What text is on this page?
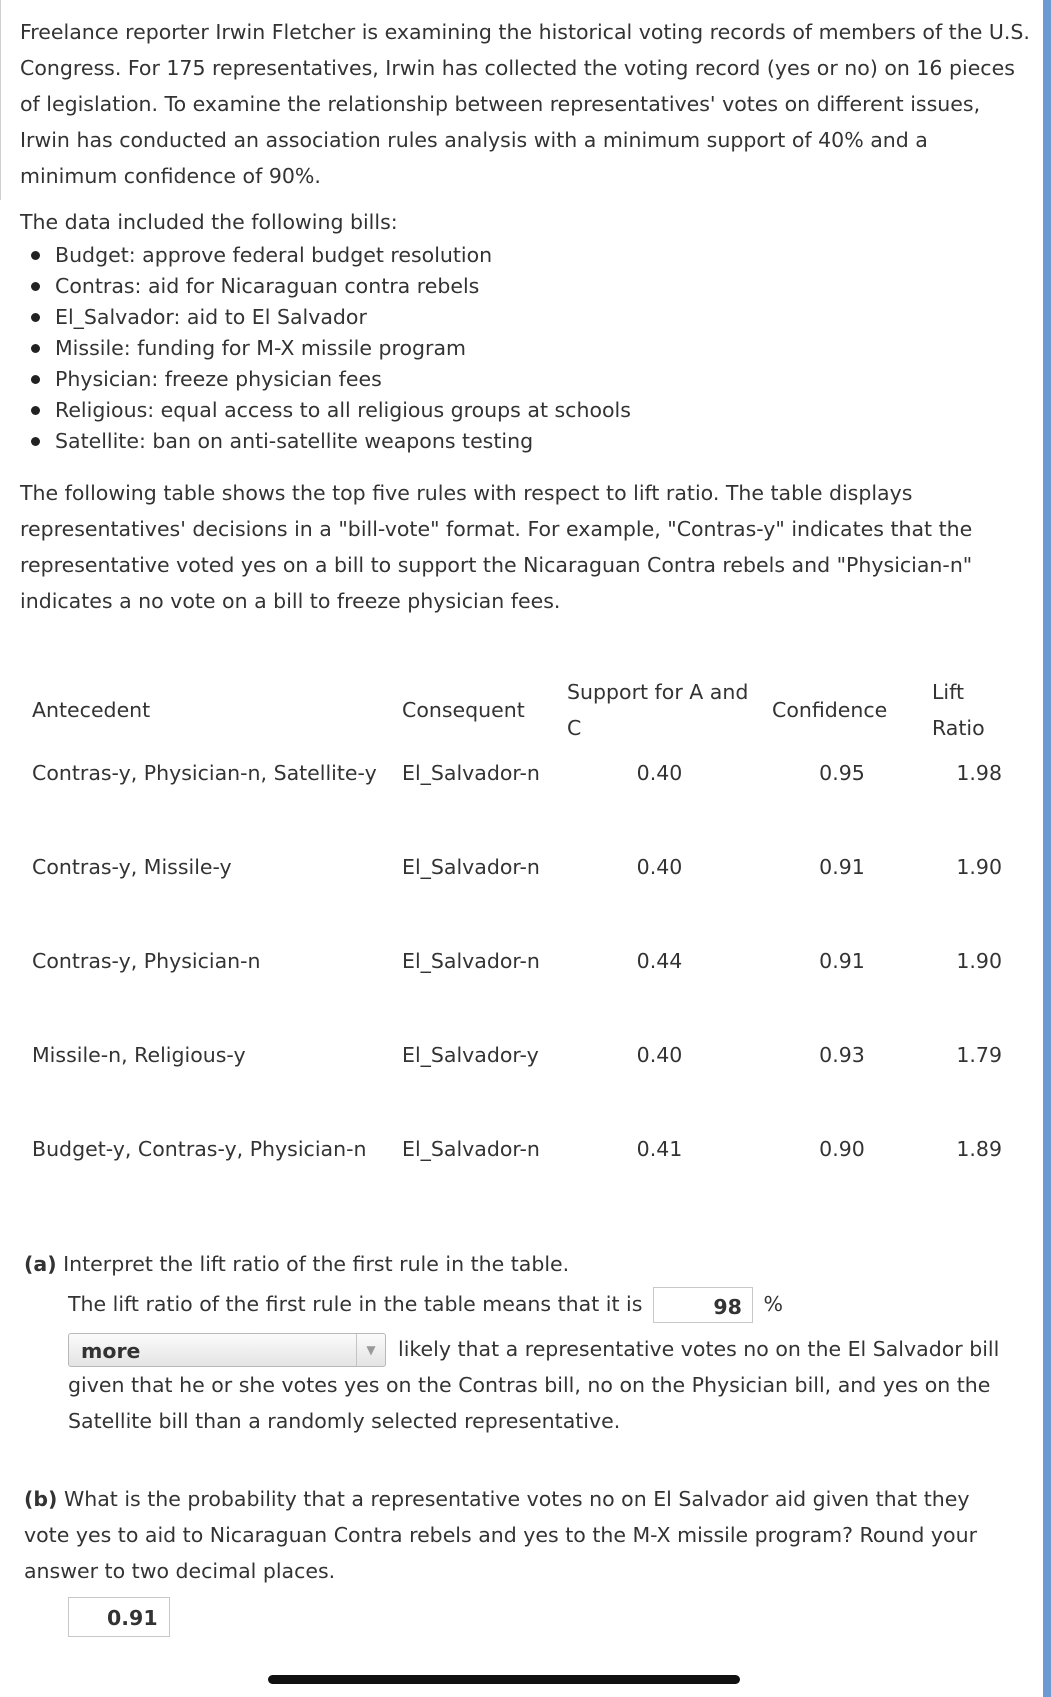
Freelance reporter Irwin Fletcher is examining the historical voting records of members of the U.S. Congress. For 175 representatives, Irwin has collected the voting record (yes or no) on 16 pieces of legislation. To examine the relationship between representatives' votes on different issues, Irwin has conducted an association rules analysis with a minimum support of 40% and a minimum confidence of 90%.

The data included the following bills:

Budget: approve federal budget resolution
Contras: aid for Nicaraguan contra rebels
El_Salvador: aid to El Salvador
Missile: funding for M-X missile program
Physician: freeze physician fees
Religious: equal access to all religious groups at schools
Satellite: ban on anti-satellite weapons testing

The following table shows the top five rules with respect to lift ratio. The table displays representatives' decisions in a "bill-vote" format. For example, "Contras-y" indicates that the representative voted yes on a bill to support the Nicaraguan Contra rebels and "Physician-n" indicates a no vote on a bill to freeze physician fees.

Antecedent	Consequent	Support for A and C	Confidence	Lift Ratio
Contras-y, Physician-n, Satellite-y	El_Salvador-n	0.40	0.95	1.98
Contras-y, Missile-y	El_Salvador-n	0.40	0.91	1.90
Contras-y, Physician-n	El_Salvador-n	0.44	0.91	1.90
Missile-n, Religious-y	El_Salvador-y	0.40	0.93	1.79
Budget-y, Contras-y, Physician-n	El_Salvador-n	0.41	0.90	1.89

(a) Interpret the lift ratio of the first rule in the table.

The lift ratio of the first rule in the table means that it is	98 %
more	▼	likely that a representative votes no on the El Salvador bill given that he or she votes yes on the Contras bill, no on the Physician bill, and yes on the Satellite bill than a randomly selected representative.

(b) What is the probability that a representative votes no on El Salvador aid given that they vote yes to aid to Nicaraguan Contra rebels and yes to the M-X missile program? Round your answer to two decimal places.

0.91
